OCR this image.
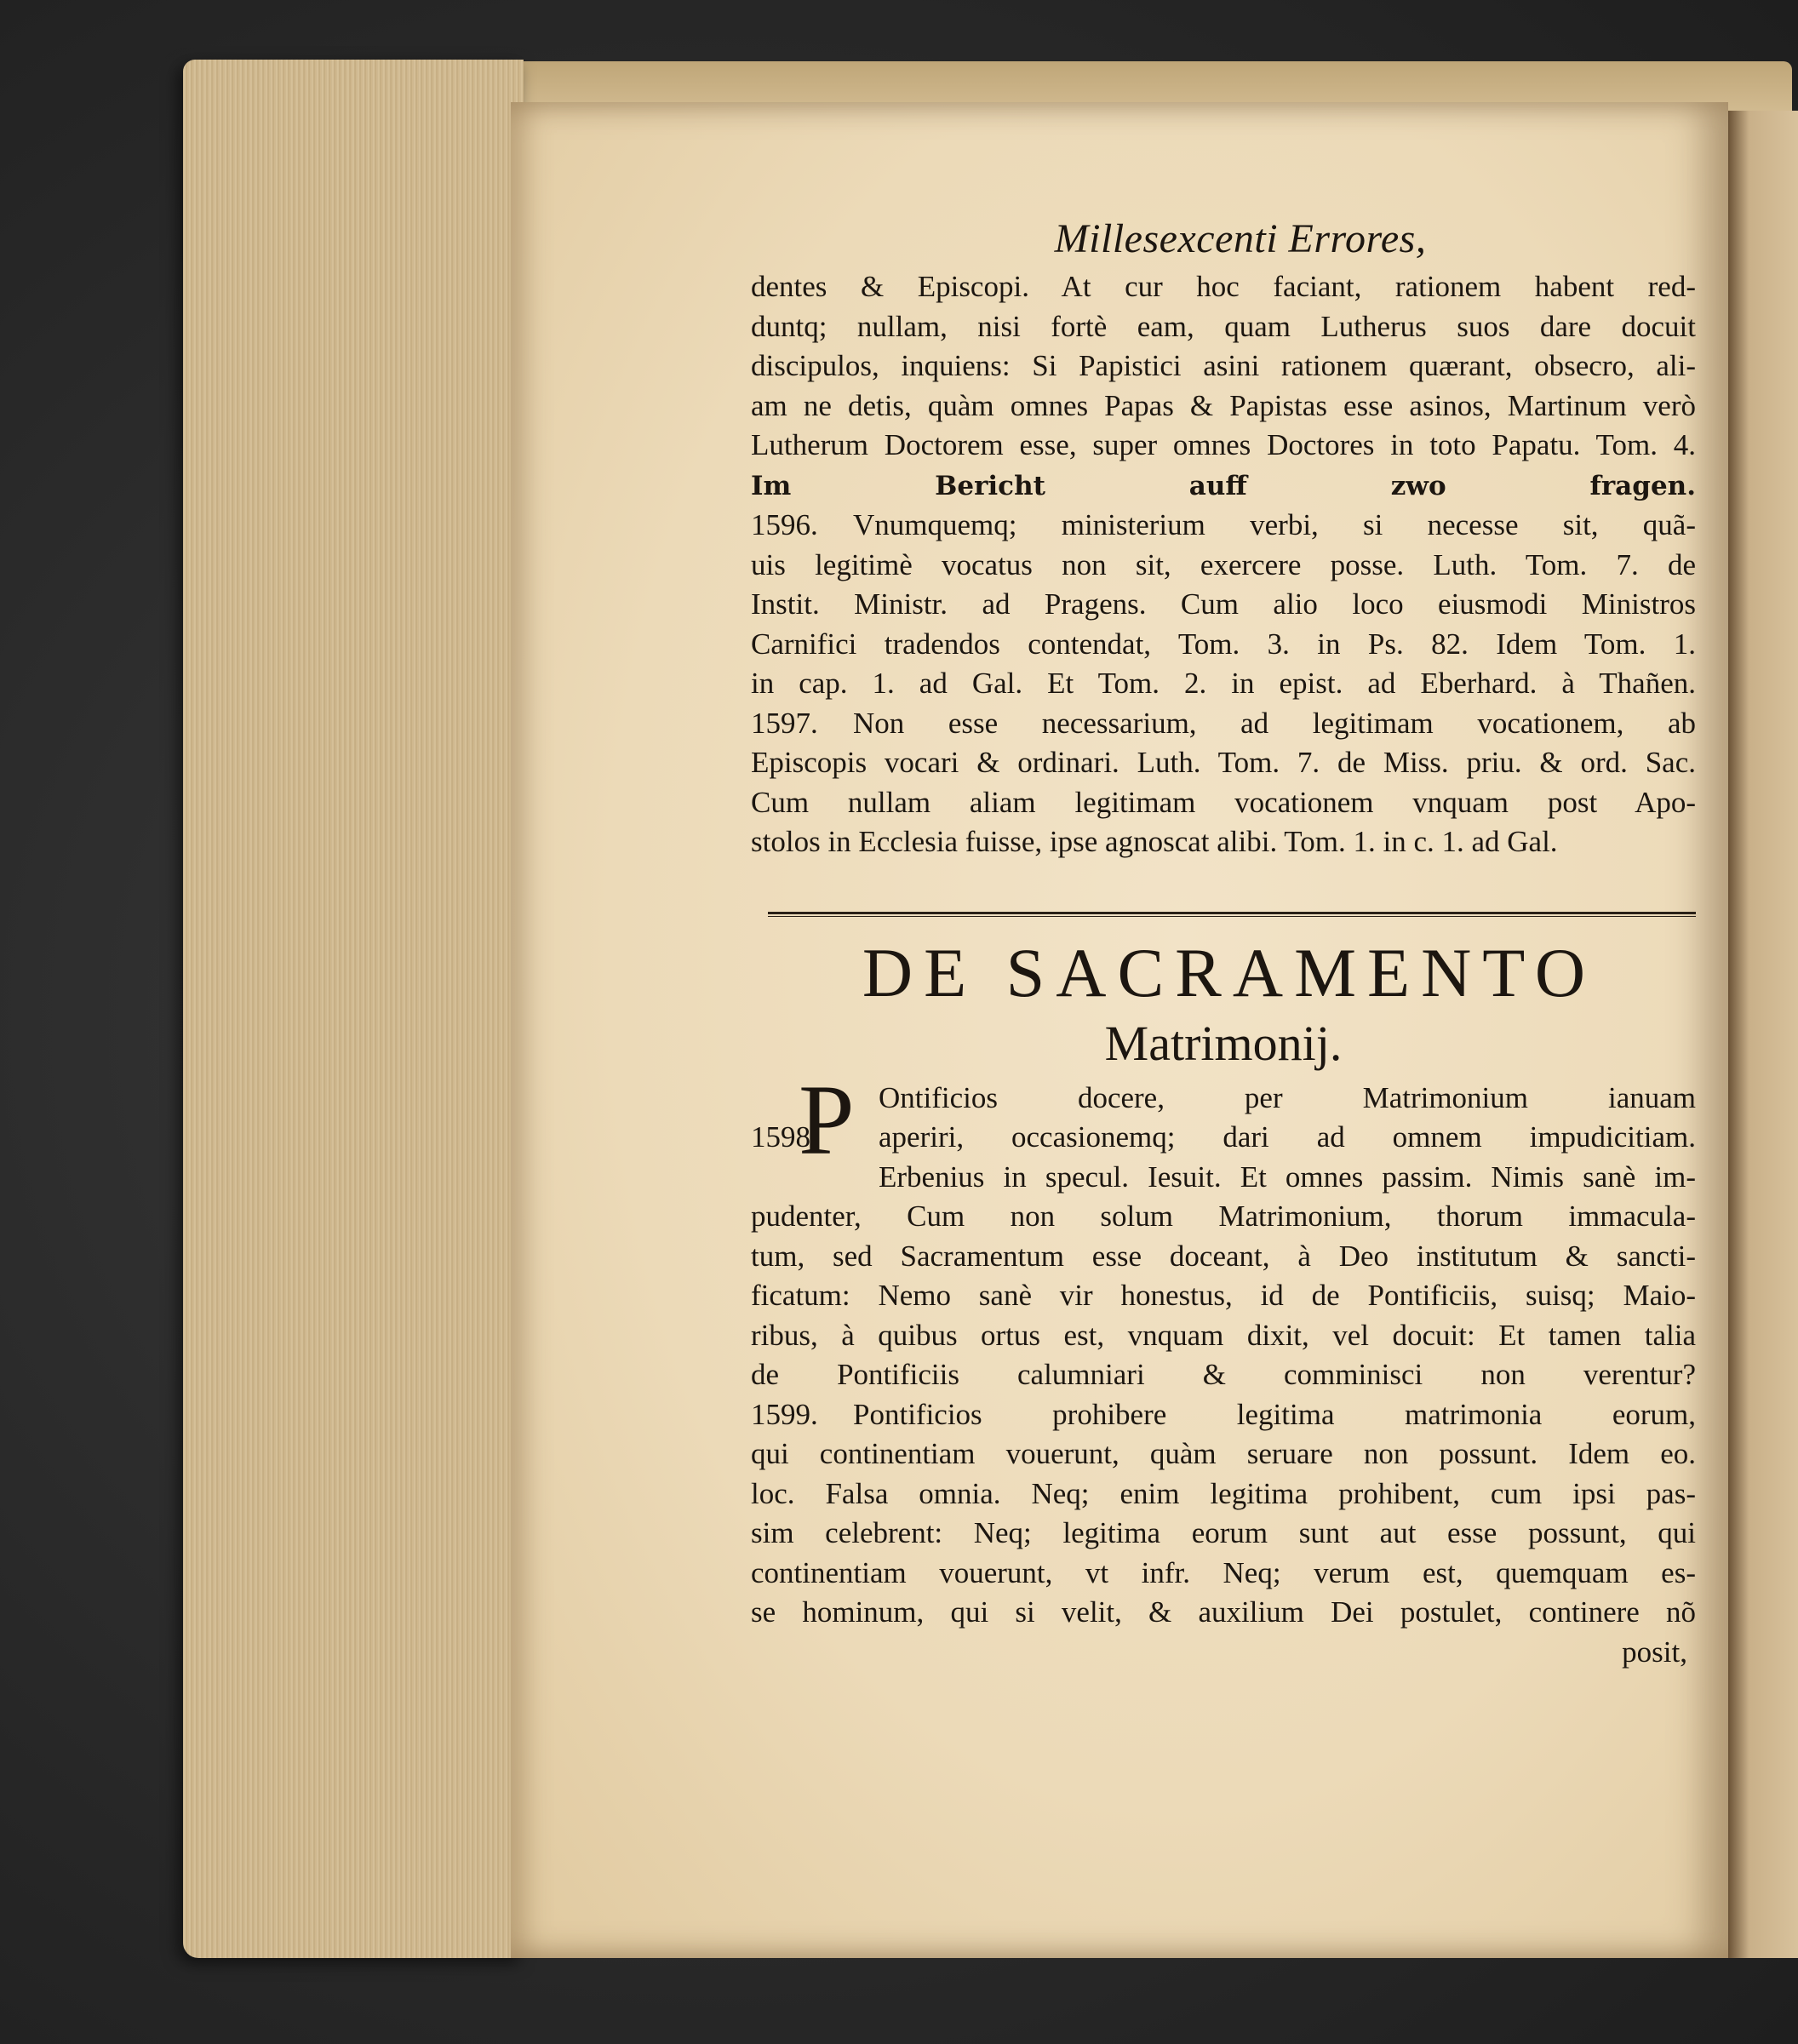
Millesexcenti Errores,
dentes & Episcopi. At cur hoc faciant, rationem habent red-
duntq; nullam, nisi fortè eam, quam Lutherus suos dare docuit
discipulos, inquiens: Si Papistici asini rationem quærant, obsecro, ali-
am ne detis, quàm omnes Papas & Papistas esse asinos, Martinum verò
Lutherum Doctorem esse, super omnes Doctores in toto Papatu. Tom. 4.
Im Bericht auff zwo fragen.
1596. Vnumquemq; ministerium verbi, si necesse sit, quã-
uis legitimè vocatus non sit, exercere posse. Luth. Tom. 7. de
Instit. Ministr. ad Pragens. Cum alio loco eiusmodi Ministros
Carnifici tradendos contendat, Tom. 3. in Ps. 82. Idem Tom. 1.
in cap. 1. ad Gal. Et Tom. 2. in epist. ad Eberhard. à Thañen.
1597. Non esse necessarium, ad legitimam vocationem, ab
Episcopis vocari & ordinari. Luth. Tom. 7. de Miss. priu. & ord. Sac.
Cum nullam aliam legitimam vocationem vnquam post Apo-
stolos in Ecclesia fuisse, ipse agnoscat alibi. Tom. 1. in c. 1. ad Gal.
DE SACRAMENTO
Matrimonij.
P Ontificios docere, per Matrimonium ianuam
1598. aperiri, occasionemq; dari ad omnem impudicitiam.
Erbenius in specul. Iesuit. Et omnes passim. Nimis sanè im-
pudenter, Cum non solum Matrimonium, thorum immacula-
tum, sed Sacramentum esse doceant, à Deo institutum & sancti-
ficatum: Nemo sanè vir honestus, id de Pontificiis, suisq; Maio-
ribus, à quibus ortus est, vnquam dixit, vel docuit: Et tamen talia
de Pontificiis calumniari & comminisci non verentur?
1599. Pontificios prohibere legitima matrimonia eorum,
qui continentiam vouerunt, quàm seruare non possunt. Idem eo.
loc. Falsa omnia. Neq; enim legitima prohibent, cum ipsi pas-
sim celebrent: Neq; legitima eorum sunt aut esse possunt, qui
continentiam vouerunt, vt infr. Neq; verum est, quemquam es-
se hominum, qui si velit, & auxilium Dei postulet, continere nõ
posit,
